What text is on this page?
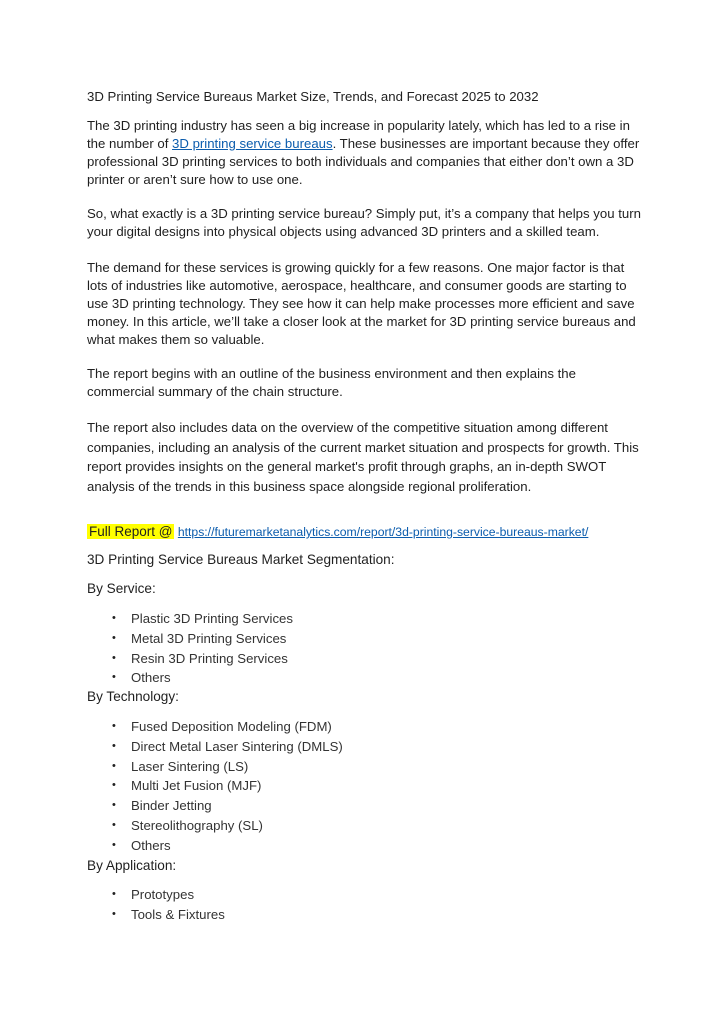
3D Printing Service Bureaus Market Size, Trends, and Forecast 2025 to 2032

The 3D printing industry has seen a big increase in popularity lately, which has led to a rise in the number of 3D printing service bureaus. These businesses are important because they offer professional 3D printing services to both individuals and companies that either don’t own a 3D printer or aren’t sure how to use one.

So, what exactly is a 3D printing service bureau? Simply put, it’s a company that helps you turn your digital designs into physical objects using advanced 3D printers and a skilled team.

The demand for these services is growing quickly for a few reasons. One major factor is that lots of industries like automotive, aerospace, healthcare, and consumer goods are starting to use 3D printing technology. They see how it can help make processes more efficient and save money. In this article, we’ll take a closer look at the market for 3D printing service bureaus and what makes them so valuable.

The report begins with an outline of the business environment and then explains the commercial summary of the chain structure.

The report also includes data on the overview of the competitive situation among different companies, including an analysis of the current market situation and prospects for growth. This report provides insights on the general market's profit through graphs, an in-depth SWOT analysis of the trends in this business space alongside regional proliferation.

Full Report @ https://futuremarketanalytics.com/report/3d-printing-service-bureaus-market/

3D Printing Service Bureaus Market Segmentation:

By Service:

• Plastic 3D Printing Services
• Metal 3D Printing Services
• Resin 3D Printing Services
• Others

By Technology:

• Fused Deposition Modeling (FDM)
• Direct Metal Laser Sintering (DMLS)
• Laser Sintering (LS)
• Multi Jet Fusion (MJF)
• Binder Jetting
• Stereolithography (SL)
• Others

By Application:

• Prototypes
• Tools & Fixtures
